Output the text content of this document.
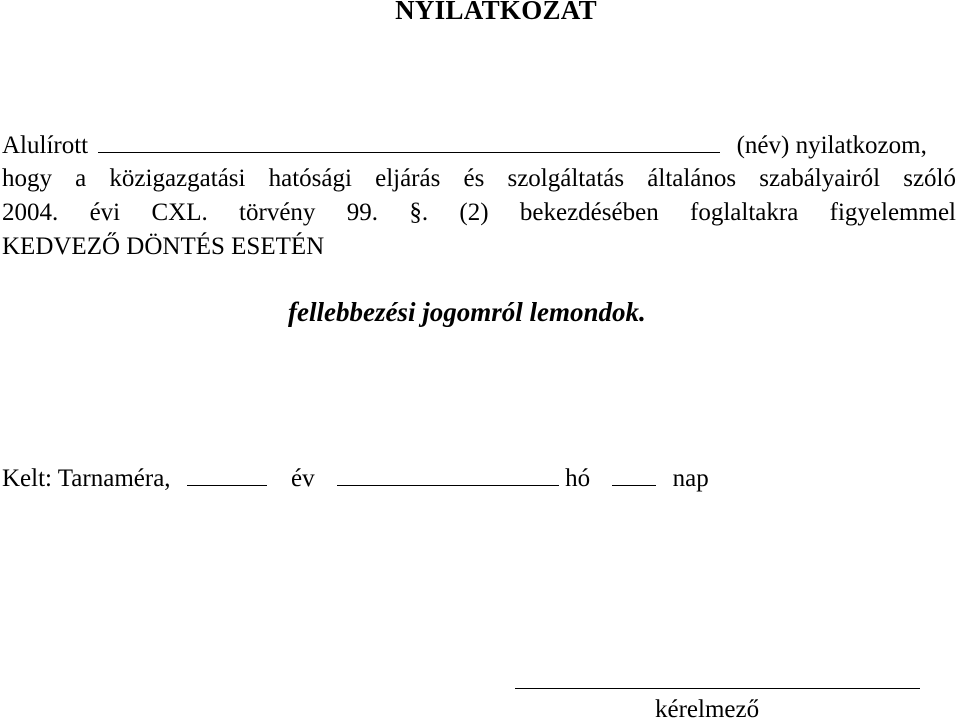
NYILATKOZAT
Alulírott	(név) nyilatkozom,
hogy a közigazgatási hatósági eljárás és szolgáltatás általános szabályairól szóló
2004. évi CXL. törvény 99. §. (2) bekezdésében foglaltakra figyelemmel
KEDVEZŐ DÖNTÉS ESETÉN
fellebbezési jogomról lemondok.
Kelt: Tarnaméra,	év	hó	nap
kérelmező
